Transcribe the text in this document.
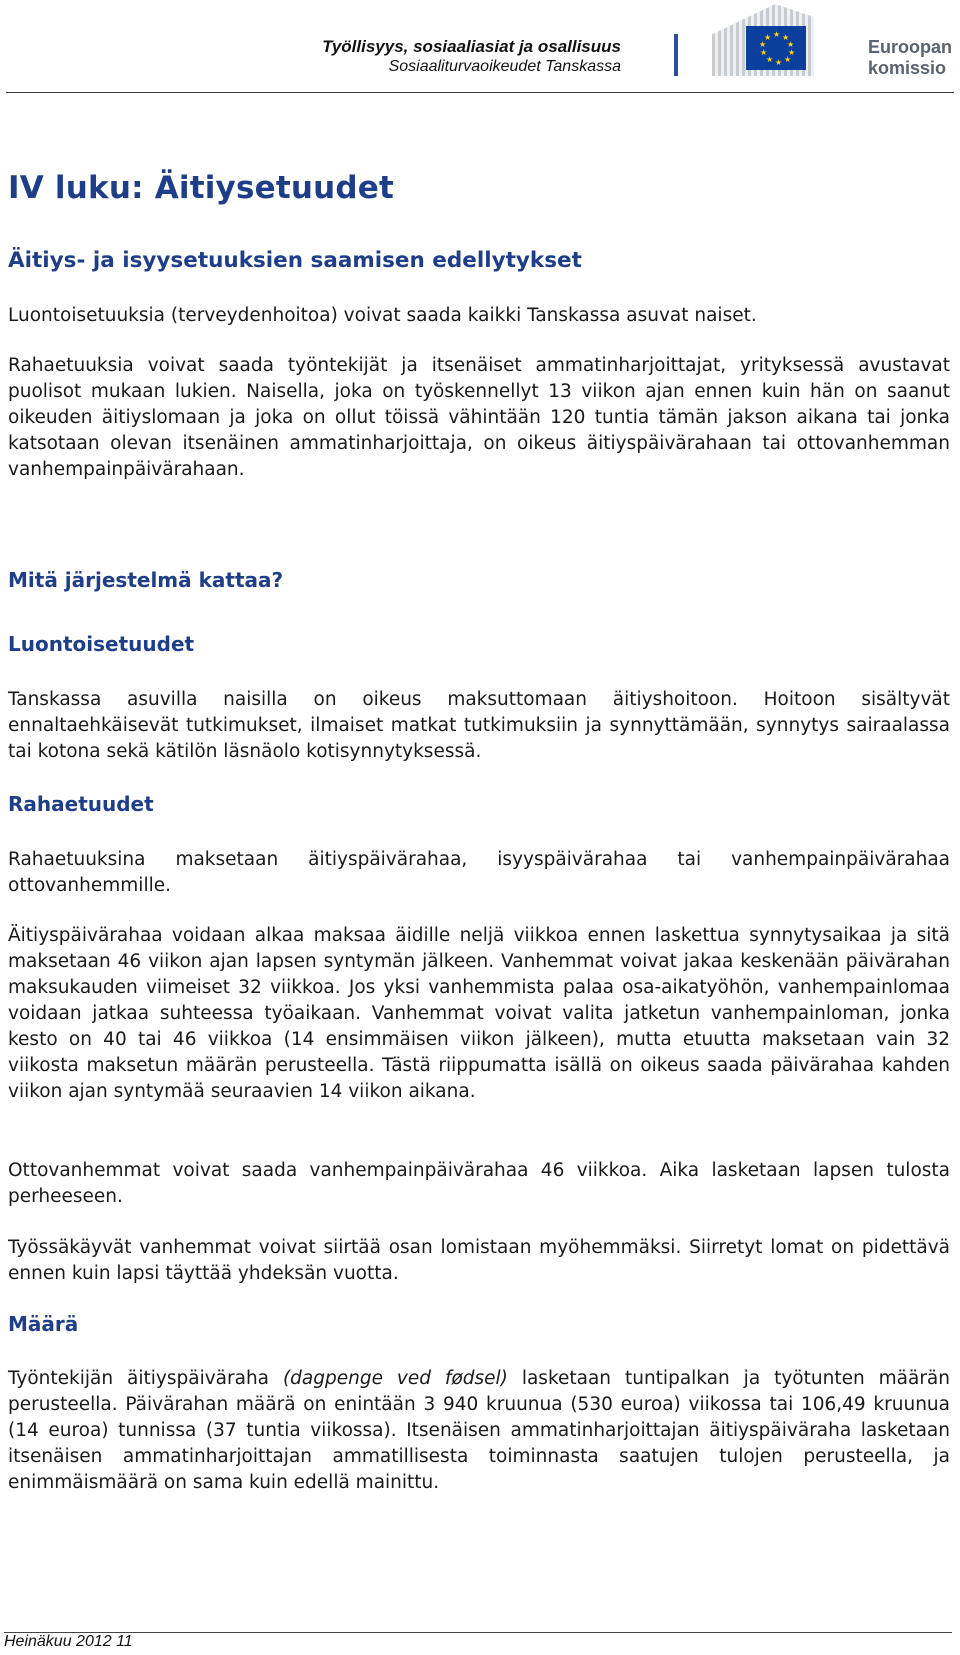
Työllisyys, sosiaaliasiat ja osallisuus
Sosiaaliturvaoikeudet Tanskassa
★ ★
★
★
★
★
★
★
★
★	Euroopan
komissio
IV luku: Äitiysetuudet
Äitiys- ja isyysetuuksien saamisen edellytykset

Luontoisetuuksia (terveydenhoitoa) voivat saada kaikki Tanskassa asuvat naiset.

Rahaetuuksia voivat saada työntekijät ja itsenäiset ammatinharjoittajat, yrityksessä avustavat puolisot mukaan lukien. Naisella, joka on työskennellyt 13 viikon ajan ennen kuin hän on saanut oikeuden äitiyslomaan ja joka on ollut töissä vähintään 120 tuntia tämän jakson aikana tai jonka katsotaan olevan itsenäinen ammatinharjoittaja, on oikeus äitiyspäivärahaan tai ottovanhemman vanhempainpäivärahaan.

Mitä järjestelmä kattaa?
Luontoisetuudet

Tanskassa asuvilla naisilla on oikeus maksuttomaan äitiyshoitoon. Hoitoon sisältyvät ennaltaehkäisevät tutkimukset, ilmaiset matkat tutkimuksiin ja synnyttämään, synnytys sairaalassa tai kotona sekä kätilön läsnäolo kotisynnytyksessä.

Rahaetuudet

Rahaetuuksina maksetaan äitiyspäivärahaa, isyyspäivärahaa tai vanhempainpäivärahaa ottovanhemmille.

Äitiyspäivärahaa voidaan alkaa maksaa äidille neljä viikkoa ennen laskettua synnytysaikaa ja sitä maksetaan 46 viikon ajan lapsen syntymän jälkeen. Vanhemmat voivat jakaa keskenään päivärahan maksukauden viimeiset 32 viikkoa. Jos yksi vanhemmista palaa osa-aikatyöhön, vanhempainlomaa voidaan jatkaa suhteessa työaikaan. Vanhemmat voivat valita jatketun vanhempainloman, jonka kesto on 40 tai 46 viikkoa (14 ensimmäisen viikon jälkeen), mutta etuutta maksetaan vain 32 viikosta maksetun määrän perusteella. Tästä riippumatta isällä on oikeus saada päivärahaa kahden viikon ajan syntymää seuraavien 14 viikon aikana.

Ottovanhemmat voivat saada vanhempainpäivärahaa 46 viikkoa. Aika lasketaan lapsen tulosta perheeseen.

Työssäkäyvät vanhemmat voivat siirtää osan lomistaan myöhemmäksi. Siirretyt lomat on pidettävä ennen kuin lapsi täyttää yhdeksän vuotta.

Määrä

Työntekijän äitiyspäiväraha (dagpenge ved fødsel) lasketaan tuntipalkan ja työtunten määrän perusteella. Päivärahan määrä on enintään 3 940 kruunua (530 euroa) viikossa tai 106,49 kruunua (14 euroa) tunnissa (37 tuntia viikossa). Itsenäisen ammatinharjoittajan äitiyspäiväraha lasketaan itsenäisen ammatinharjoittajan ammatillisesta toiminnasta saatujen tulojen perusteella, ja enimmäismäärä on sama kuin edellä mainittu.

Heinäkuu 2012 11
